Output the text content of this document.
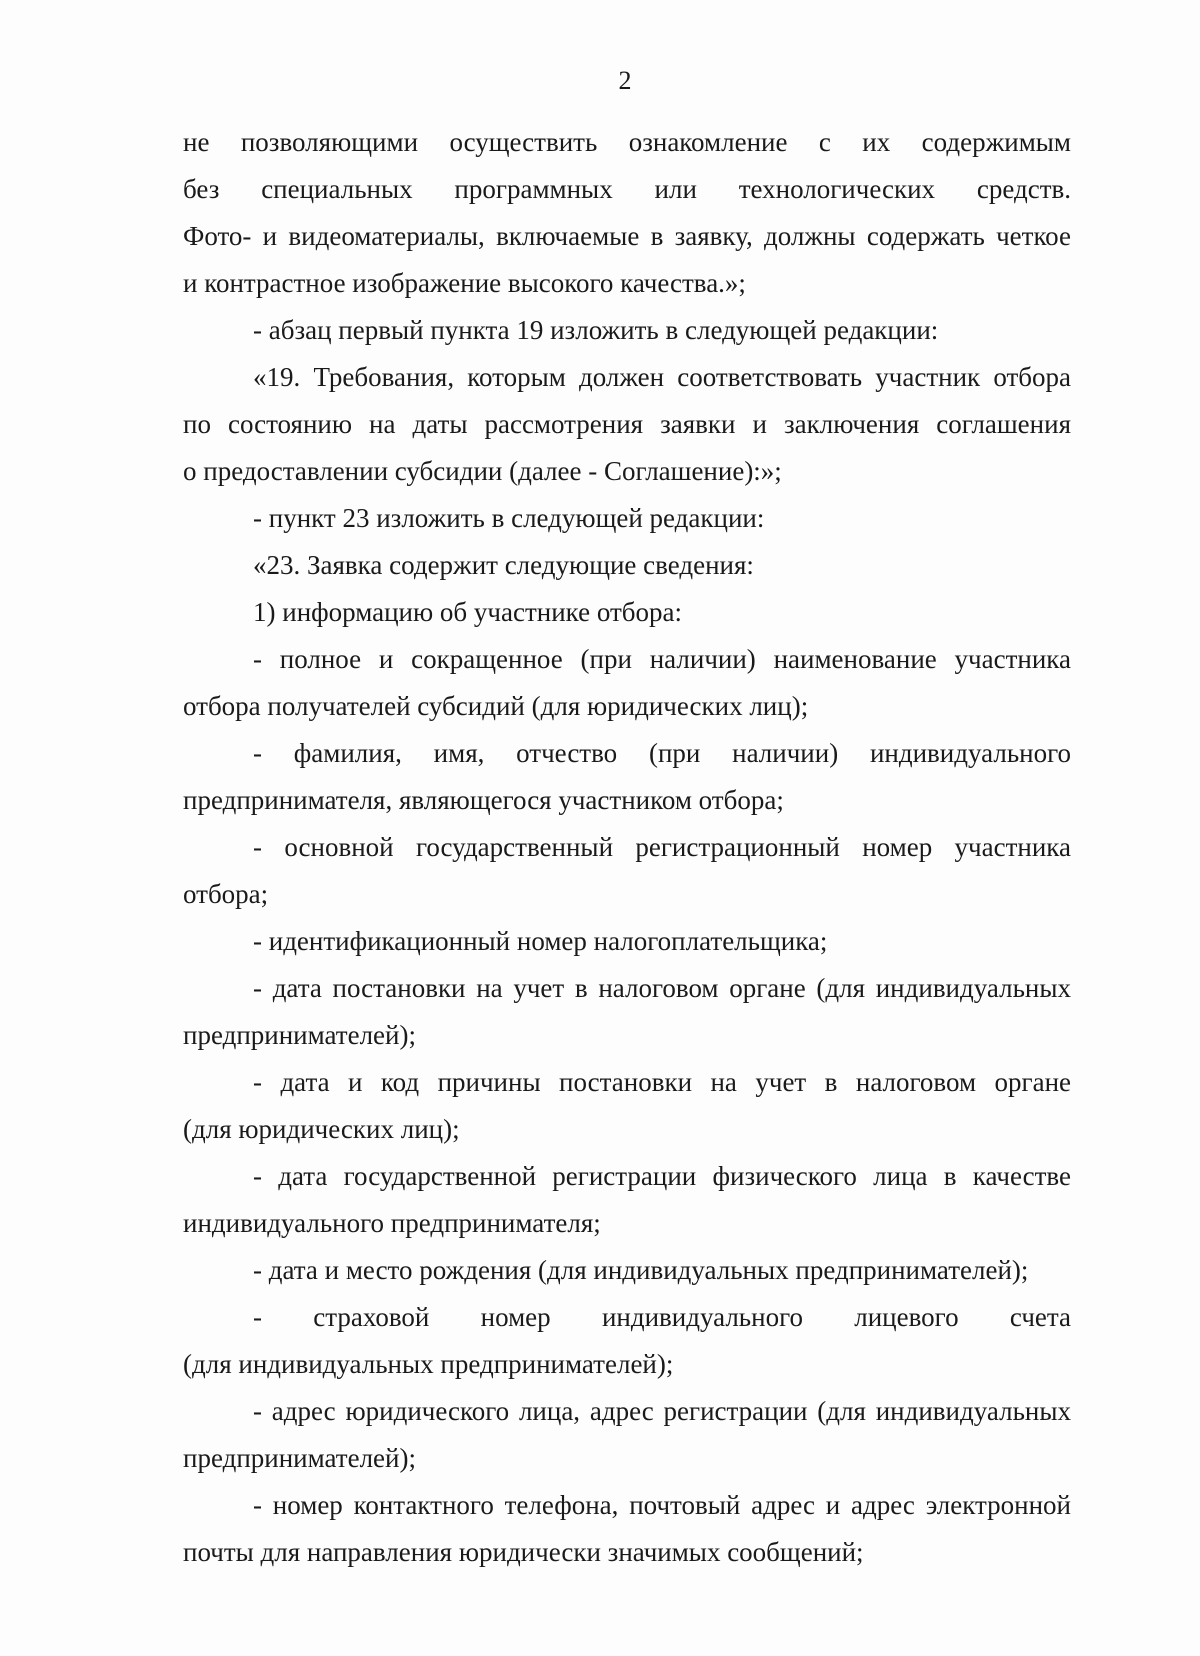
2
не позволяющими осуществить ознакомление с их содержимым
без специальных программных или технологических средств.
Фото- и видеоматериалы, включаемые в заявку, должны содержать четкое
и контрастное изображение высокого качества.»;
- абзац первый пункта 19 изложить в следующей редакции:
«19. Требования, которым должен соответствовать участник отбора
по состоянию на даты рассмотрения заявки и заключения соглашения
о предоставлении субсидии (далее - Соглашение):»;
- пункт 23 изложить в следующей редакции:
«23. Заявка содержит следующие сведения:
1) информацию об участнике отбора:
- полное и сокращенное (при наличии) наименование участника
отбора получателей субсидий (для юридических лиц);
- фамилия, имя, отчество (при наличии) индивидуального
предпринимателя, являющегося участником отбора;
- основной государственный регистрационный номер участника
отбора;
- идентификационный номер налогоплательщика;
- дата постановки на учет в налоговом органе (для индивидуальных
предпринимателей);
- дата и код причины постановки на учет в налоговом органе
(для юридических лиц);
- дата государственной регистрации физического лица в качестве
индивидуального предпринимателя;
- дата и место рождения (для индивидуальных предпринимателей);
- страховой номер индивидуального лицевого счета
(для индивидуальных предпринимателей);
- адрес юридического лица, адрес регистрации (для индивидуальных
предпринимателей);
- номер контактного телефона, почтовый адрес и адрес электронной
почты для направления юридически значимых сообщений;
